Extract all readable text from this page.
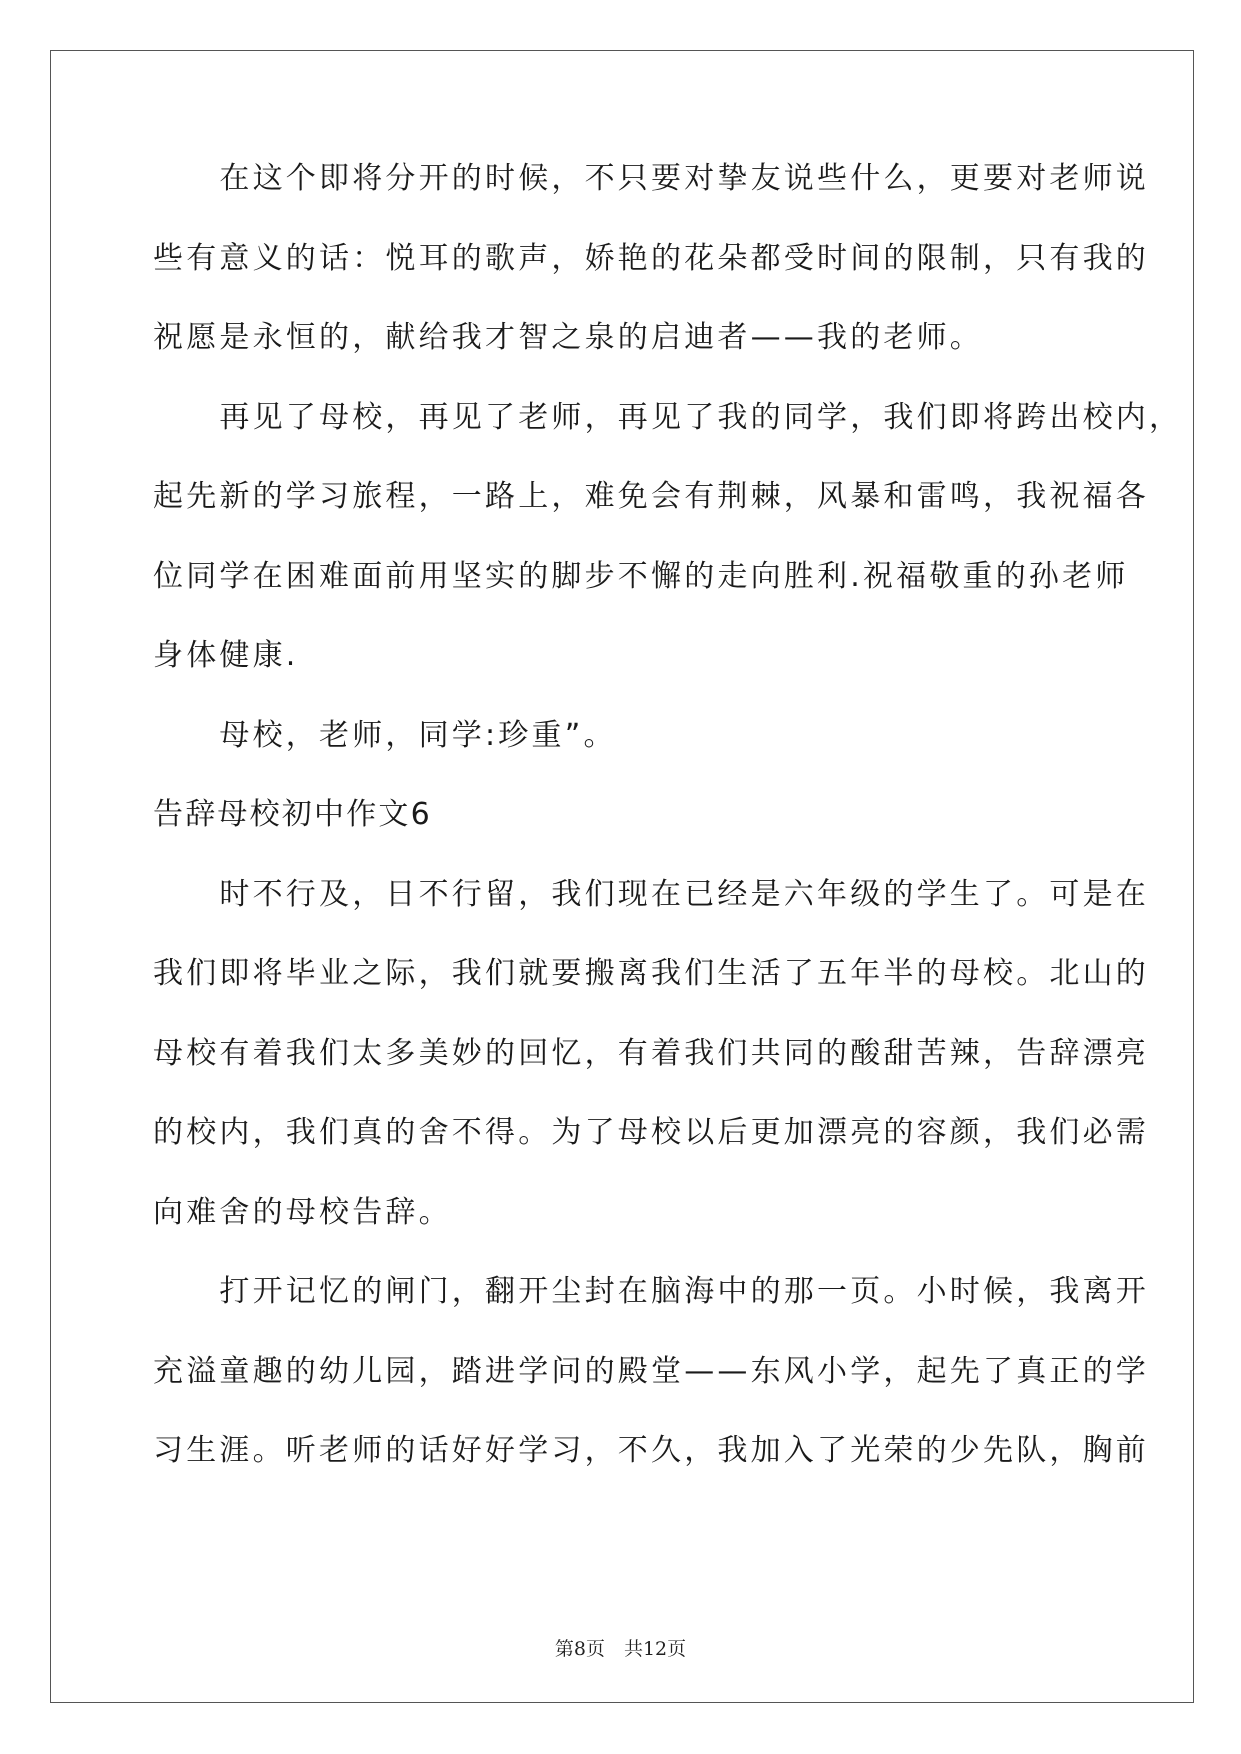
　　在这个即将分开的时候，不只要对挚友说些什么，更要对老师说
些有意义的话：悦耳的歌声，娇艳的花朵都受时间的限制，只有我的
祝愿是永恒的，献给我才智之泉的启迪者——我的老师。
　　再见了母校，再见了老师，再见了我的同学，我们即将跨出校内，
起先新的学习旅程，一路上，难免会有荆棘，风暴和雷鸣，我祝福各
位同学在困难面前用坚实的脚步不懈的走向胜利.祝福敬重的孙老师
身体健康.
　　母校，老师，同学:珍重”。
告辞母校初中作文6
　　时不行及，日不行留，我们现在已经是六年级的学生了。可是在
我们即将毕业之际，我们就要搬离我们生活了五年半的母校。北山的
母校有着我们太多美妙的回忆，有着我们共同的酸甜苦辣，告辞漂亮
的校内，我们真的舍不得。为了母校以后更加漂亮的容颜，我们必需
向难舍的母校告辞。
　　打开记忆的闸门，翻开尘封在脑海中的那一页。小时候，我离开
充溢童趣的幼儿园，踏进学问的殿堂——东风小学，起先了真正的学
习生涯。听老师的话好好学习，不久，我加入了光荣的少先队，胸前
第8页　共12页
